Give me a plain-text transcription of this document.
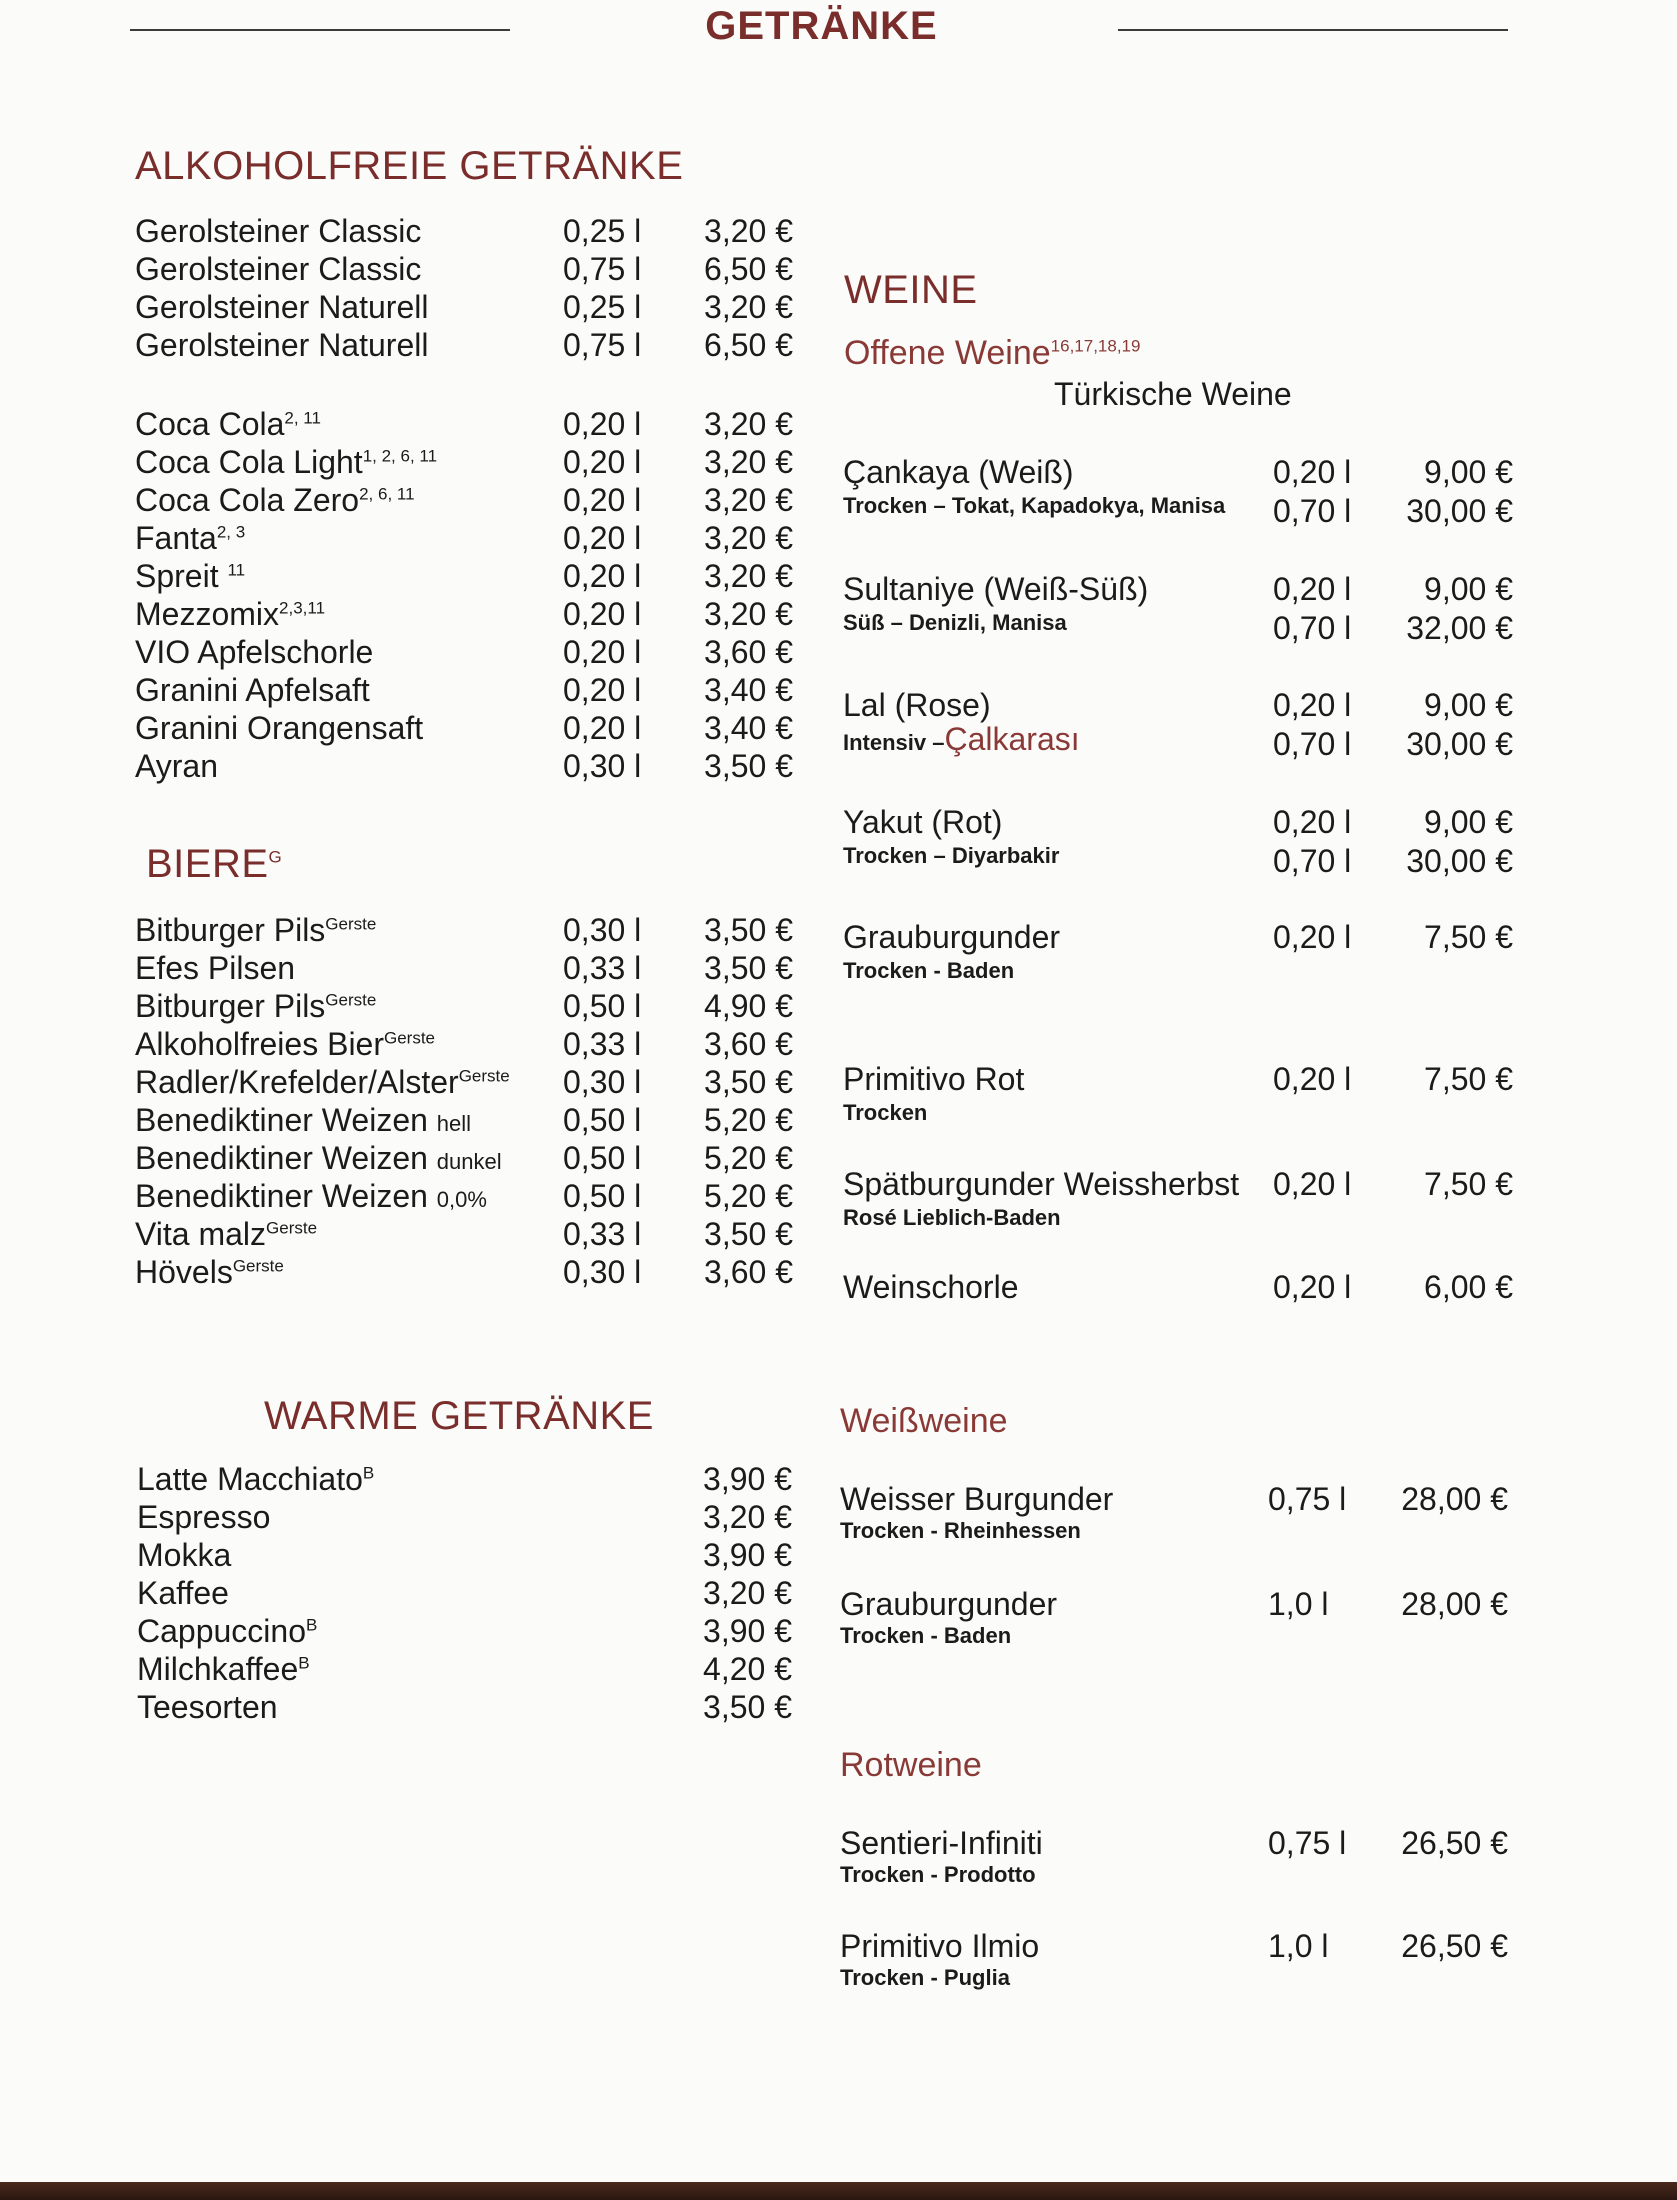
GETRÄNKE
ALKOHOLFREIE GETRÄNKE
Gerolsteiner Classic	0,25 l	3,20 €
Gerolsteiner Classic	0,75 l	6,50 €
Gerolsteiner Naturell	0,25 l	3,20 €
Gerolsteiner Naturell	0,75 l	6,50 €
Coca Cola$^{2, 11}$	0,20 l	3,20 €
Coca Cola Light$^{1, 2, 6, 11}$	0,20 l	3,20 €
Coca Cola Zero$^{2, 6, 11}$	0,20 l	3,20 €
Fanta$^{2, 3}$	0,20 l	3,20 €
Spreit $^{11}$	0,20 l	3,20 €
Mezzomix$^{2,3,11}$	0,20 l	3,20 €
VIO Apfelschorle	0,20 l	3,60 €
Granini Apfelsaft	0,20 l	3,40 €
Granini Orangensaft	0,20 l	3,40 €
Ayran	0,30 l	3,50 €
$BIERE^G$
Bitburger Pils$^{Gerste}$	0,30 l	3,50 €
Efes Pilsen	0,33 l	3,50 €
Bitburger Pils$^{Gerste}$	0,50 l	4,90 €
Alkoholfreies Bier$^{Gerste}$	0,33 l	3,60 €
Radler/Krefelder/Alster$^{Gerste}$ 0,30 l	3,50 €
Benediktiner Weizen hell	0,50 l	5,20 €
Benediktiner Weizen dunkel 0,50 l	5,20 €
Benediktiner Weizen 0,0% 0,50 l	5,20 €
Vita malz$^{Gerste}$	0,33 l	3,50 €
Hövels$^{Gerste}$	0,30 l	3,60 €
WARME GETRÄNKE
Latte Macchiato$^B$	3,90 €
Espresso	3,20 €
Mokka	3,90 €
Kaffee	3,20 €
Cappuccino$^B$	3,90 €
Milchkaffee$^B$	4,20 €
Teesorten	3,50 €
WEINE
Offene Weine$^{16,17,18,19}$
Türkische Weine
Çankaya (Weiß)
Trocken – Tokat, Kapadokya, Manisa
0,20 l 9,00 €
0,70 l 30,00 €
Sultaniye (Weiß-Süß)
Süß – Denizli, Manisa
0,20 l 9,00 €
0,70 l 32,00 €
Lal (Rose)
Intensiv –Çalkarası
0,20 l 9,00 €
0,70 l 30,00 €
Yakut (Rot)
Trocken – Diyarbakir
0,20 l 9,00 €
0,70 l 30,00 €
Grauburgunder
Trocken - Baden
0,20 l 7,50 €
Primitivo Rot
Trocken
0,20 l 7,50 €
Spätburgunder Weissherbst
Rosé Lieblich-Baden
0,20 l 7,50 €
Weinschorle	0,20 l 6,00 €
Weißweine
Weisser Burgunder
Trocken - Rheinhessen
0,75 l 28,00 €
Grauburgunder
Trocken - Baden
1,0 l 28,00 €
Rotweine
Sentieri-Infiniti
Trocken - Prodotto
0,75 l 26,50 €
Primitivo Ilmio
Trocken - Puglia
1,0 l 26,50 €
